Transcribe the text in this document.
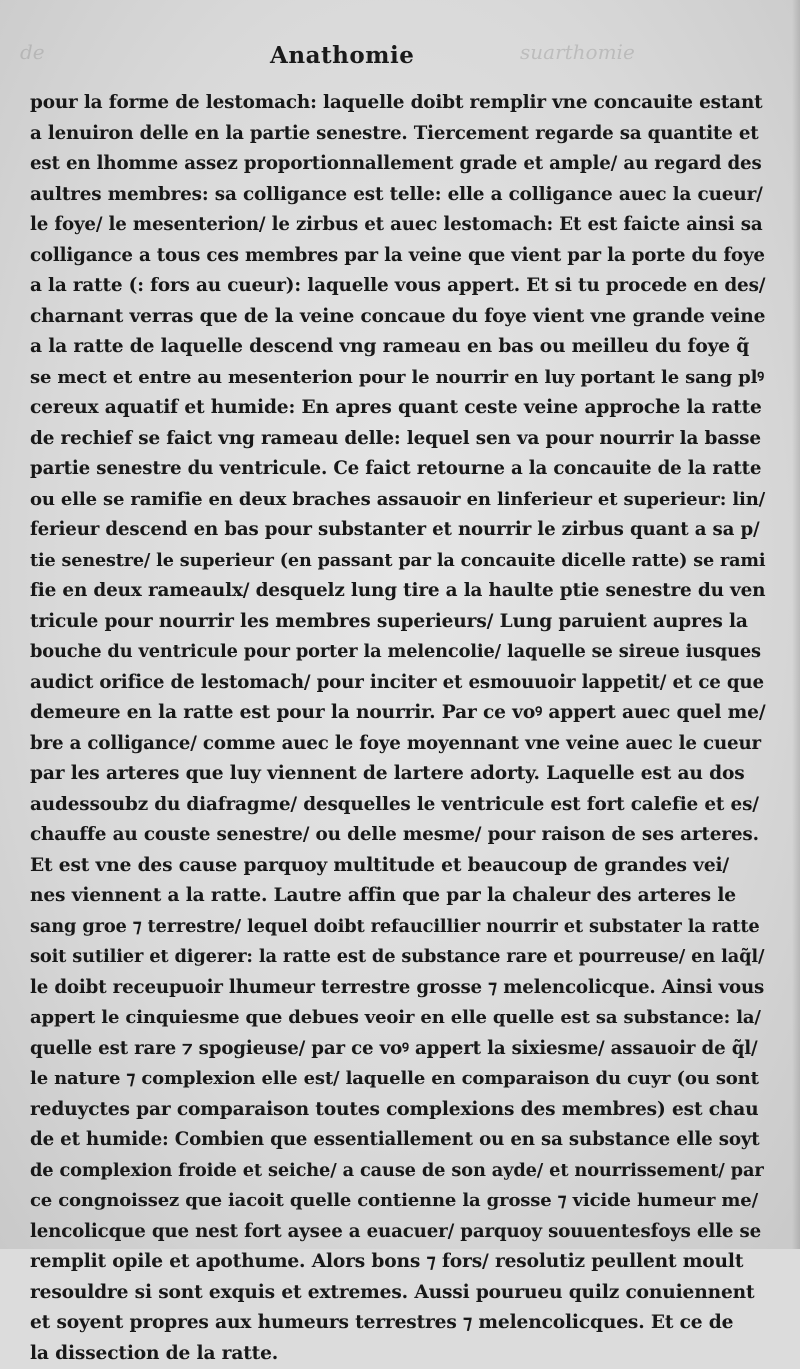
de	suarthomie
Anathomie
pour la forme de lestomach: laquelle doibt remplir vne concauite estant
a lenuiron delle en la partie senestre. Tiercement regarde sa quantite et
est en lhomme assez proportionnallement grade et ample/ au regard des
aultres membres: sa colligance est telle: elle a colligance auec la cueur/
le foye/ le mesenterion/ le zirbus et auec lestomach: Et est faicte ainsi sa
colligance a tous ces membres par la veine que vient par la porte du foye
a la ratte (: fors au cueur): laquelle vous appert. Et si tu procede en des/
charnant verras que de la veine concaue du foye vient vne grande veine
a la ratte de laquelle descend vng rameau en bas ou meilleu du foye q̃
se mect et entre au mesenterion pour le nourrir en luy portant le sang plꝰ
cereux aquatif et humide: En apres quant ceste veine approche la ratte
de rechief se faict vng rameau delle: lequel sen va pour nourrir la basse
partie senestre du ventricule. Ce faict retourne a la concauite de la ratte
ou elle se ramifie en deux braches assauoir en linferieur et superieur: lin/
ferieur descend en bas pour substanter et nourrir le zirbus quant a sa p/
tie senestre/ le superieur (en passant par la concauite dicelle ratte) se rami
fie en deux rameaulx/ desquelz lung tire a la haulte ptie senestre du ven
tricule pour nourrir les membres superieurs/ Lung paruient aupres la
bouche du ventricule pour porter la melencolie/ laquelle se sireue iusques
audict orifice de lestomach/ pour inciter et esmouuoir lappetit/ et ce que
demeure en la ratte est pour la nourrir. Par ce voꝰ appert auec quel me/
bre a colligance/ comme auec le foye moyennant vne veine auec le cueur
par les arteres que luy viennent de lartere adorty. Laquelle est au dos
audessoubz du diafragme/ desquelles le ventricule est fort calefie et es/
chauffe au couste senestre/ ou delle mesme/ pour raison de ses arteres.
Et est vne des cause parquoy multitude et beaucoup de grandes vei/
nes viennent a la ratte. Lautre affin que par la chaleur des arteres le
sang groe ⁊ terrestre/ lequel doibt refaucillier nourrir et substater la ratte
soit sutilier et digerer: la ratte est de substance rare et pourreuse/ en laq̃l/
le doibt receupuoir lhumeur terrestre grosse ⁊ melencolicque. Ainsi vous
appert le cinquiesme que debues veoir en elle quelle est sa substance: la/
quelle est rare ⁊ spogieuse/ par ce voꝰ appert la sixiesme/ assauoir de q̃l/
le nature ⁊ complexion elle est/ laquelle en comparaison du cuyr (ou sont
reduyctes par comparaison toutes complexions des membres) est chau
de et humide: Combien que essentiallement ou en sa substance elle soyt
de complexion froide et seiche/ a cause de son ayde/ et nourrissement/ par
ce congnoissez que iacoit quelle contienne la grosse ⁊ vicide humeur me/
lencolicque que nest fort aysee a euacuer/ parquoy souuentesfoys elle se
remplit opile et apothume. Alors bons ⁊ fors/ resolutiz peullent moult
resouldre si sont exquis et extremes. Aussi pourueu quilz conuiennent
et soyent propres aux humeurs terrestres ⁊ melencolicques. Et ce de
la dissection de la ratte.
